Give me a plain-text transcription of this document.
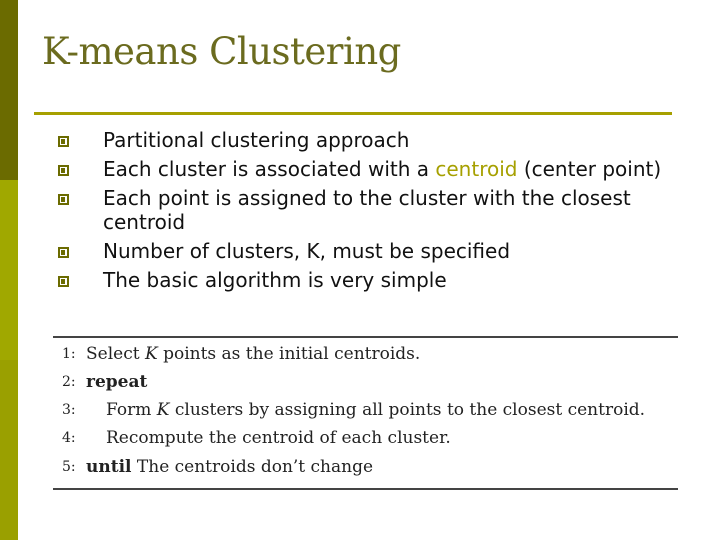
K-means Clustering
Partitional clustering approach
Each cluster is associated with a centroid (center point)
Each point is assigned to the cluster with the closest centroid
Number of clusters, K, must be specified
The basic algorithm is very simple
1: Select K points as the initial centroids.
2: repeat
3:	Form K clusters by assigning all points to the closest centroid.
4:	Recompute the centroid of each cluster.
5: until The centroids don’t change
